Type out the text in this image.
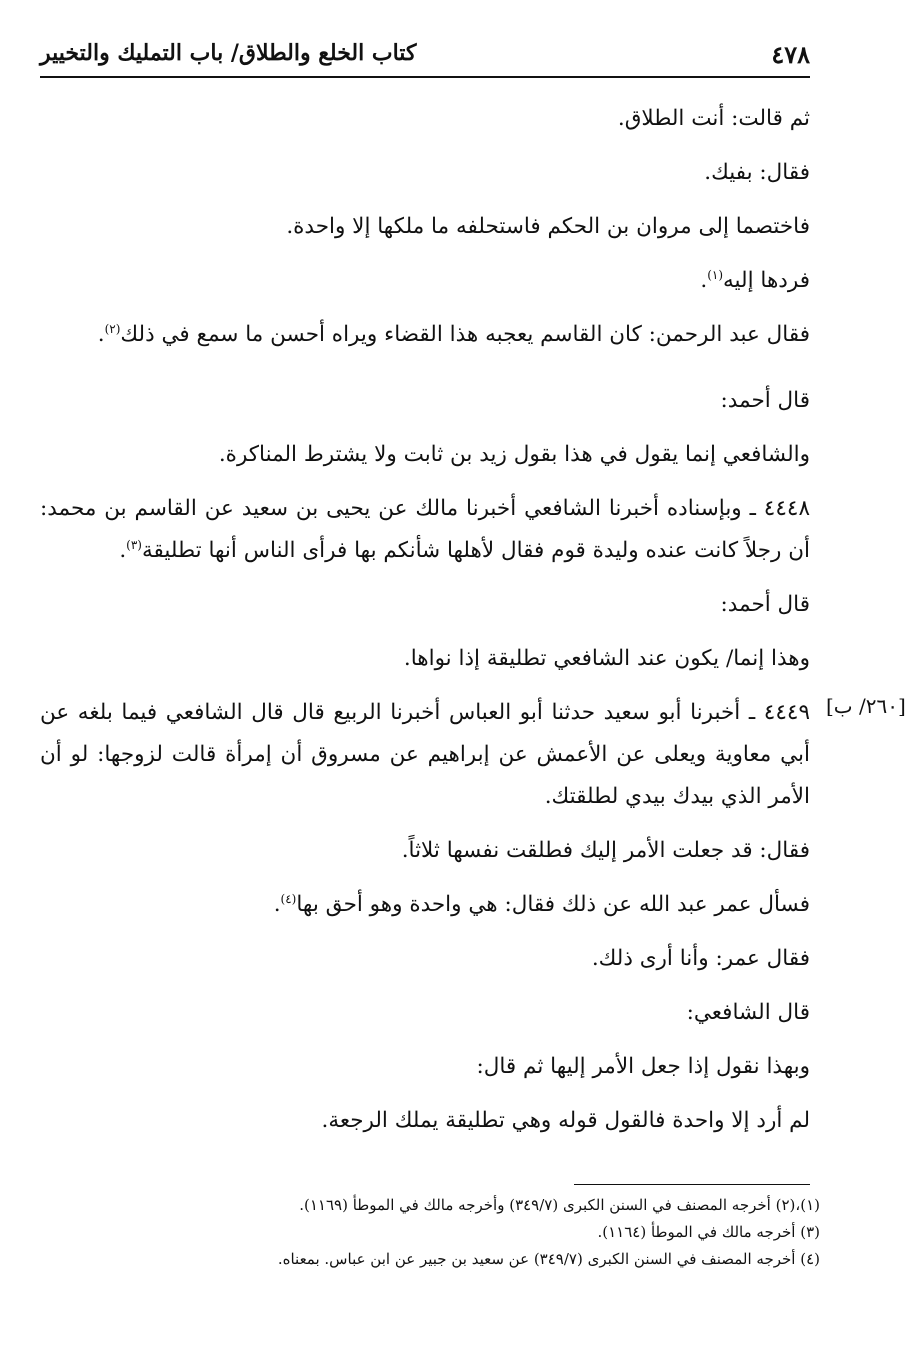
كتاب الخلع والطلاق/ باب التمليك والتخيير	٤٧٨
[٢٦٠/ ب]

ثم قالت: أنت الطلاق.

فقال: بفيك.

فاختصما إلى مروان بن الحكم فاستحلفه ما ملكها إلا واحدة.

فردها إليه$^{(١)}$.

فقال عبد الرحمن: كان القاسم يعجبه هذا القضاء ويراه أحسن ما سمع في ذلك$^{(٢)}$.

قال أحمد:

والشافعي إنما يقول في هذا بقول زيد بن ثابت ولا يشترط المناكرة.

٤٤٤٨ ـ وبإسناده أخبرنا الشافعي أخبرنا مالك عن يحيى بن سعيد عن القاسم بن محمد: أن رجلاً كانت عنده وليدة قوم فقال لأهلها شأنكم بها فرأى الناس أنها تطليقة$^{(٣)}$.

قال أحمد:

وهذا إنما/ يكون عند الشافعي تطليقة إذا نواها.

٤٤٤٩ ـ أخبرنا أبو سعيد حدثنا أبو العباس أخبرنا الربيع قال قال الشافعي فيما بلغه عن أبي معاوية ويعلى عن الأعمش عن إبراهيم عن مسروق أن إمرأة قالت لزوجها: لو أن الأمر الذي بيدك بيدي لطلقتك.

فقال: قد جعلت الأمر إليك فطلقت نفسها ثلاثاً.

فسأل عمر عبد الله عن ذلك فقال: هي واحدة وهو أحق بها$^{(٤)}$.

فقال عمر: وأنا أرى ذلك.

قال الشافعي:

وبهذا نقول إذا جعل الأمر إليها ثم قال:

لم أرد إلا واحدة فالقول قوله وهي تطليقة يملك الرجعة.

(١)،(٢) أخرجه المصنف في السنن الكبرى (٣٤٩/٧) وأخرجه مالك في الموطأ (١١٦٩).

(٣) أخرجه مالك في الموطأ (١١٦٤).

(٤) أخرجه المصنف في السنن الكبرى (٣٤٩/٧) عن سعيد بن جبير عن ابن عباس. بمعناه.
